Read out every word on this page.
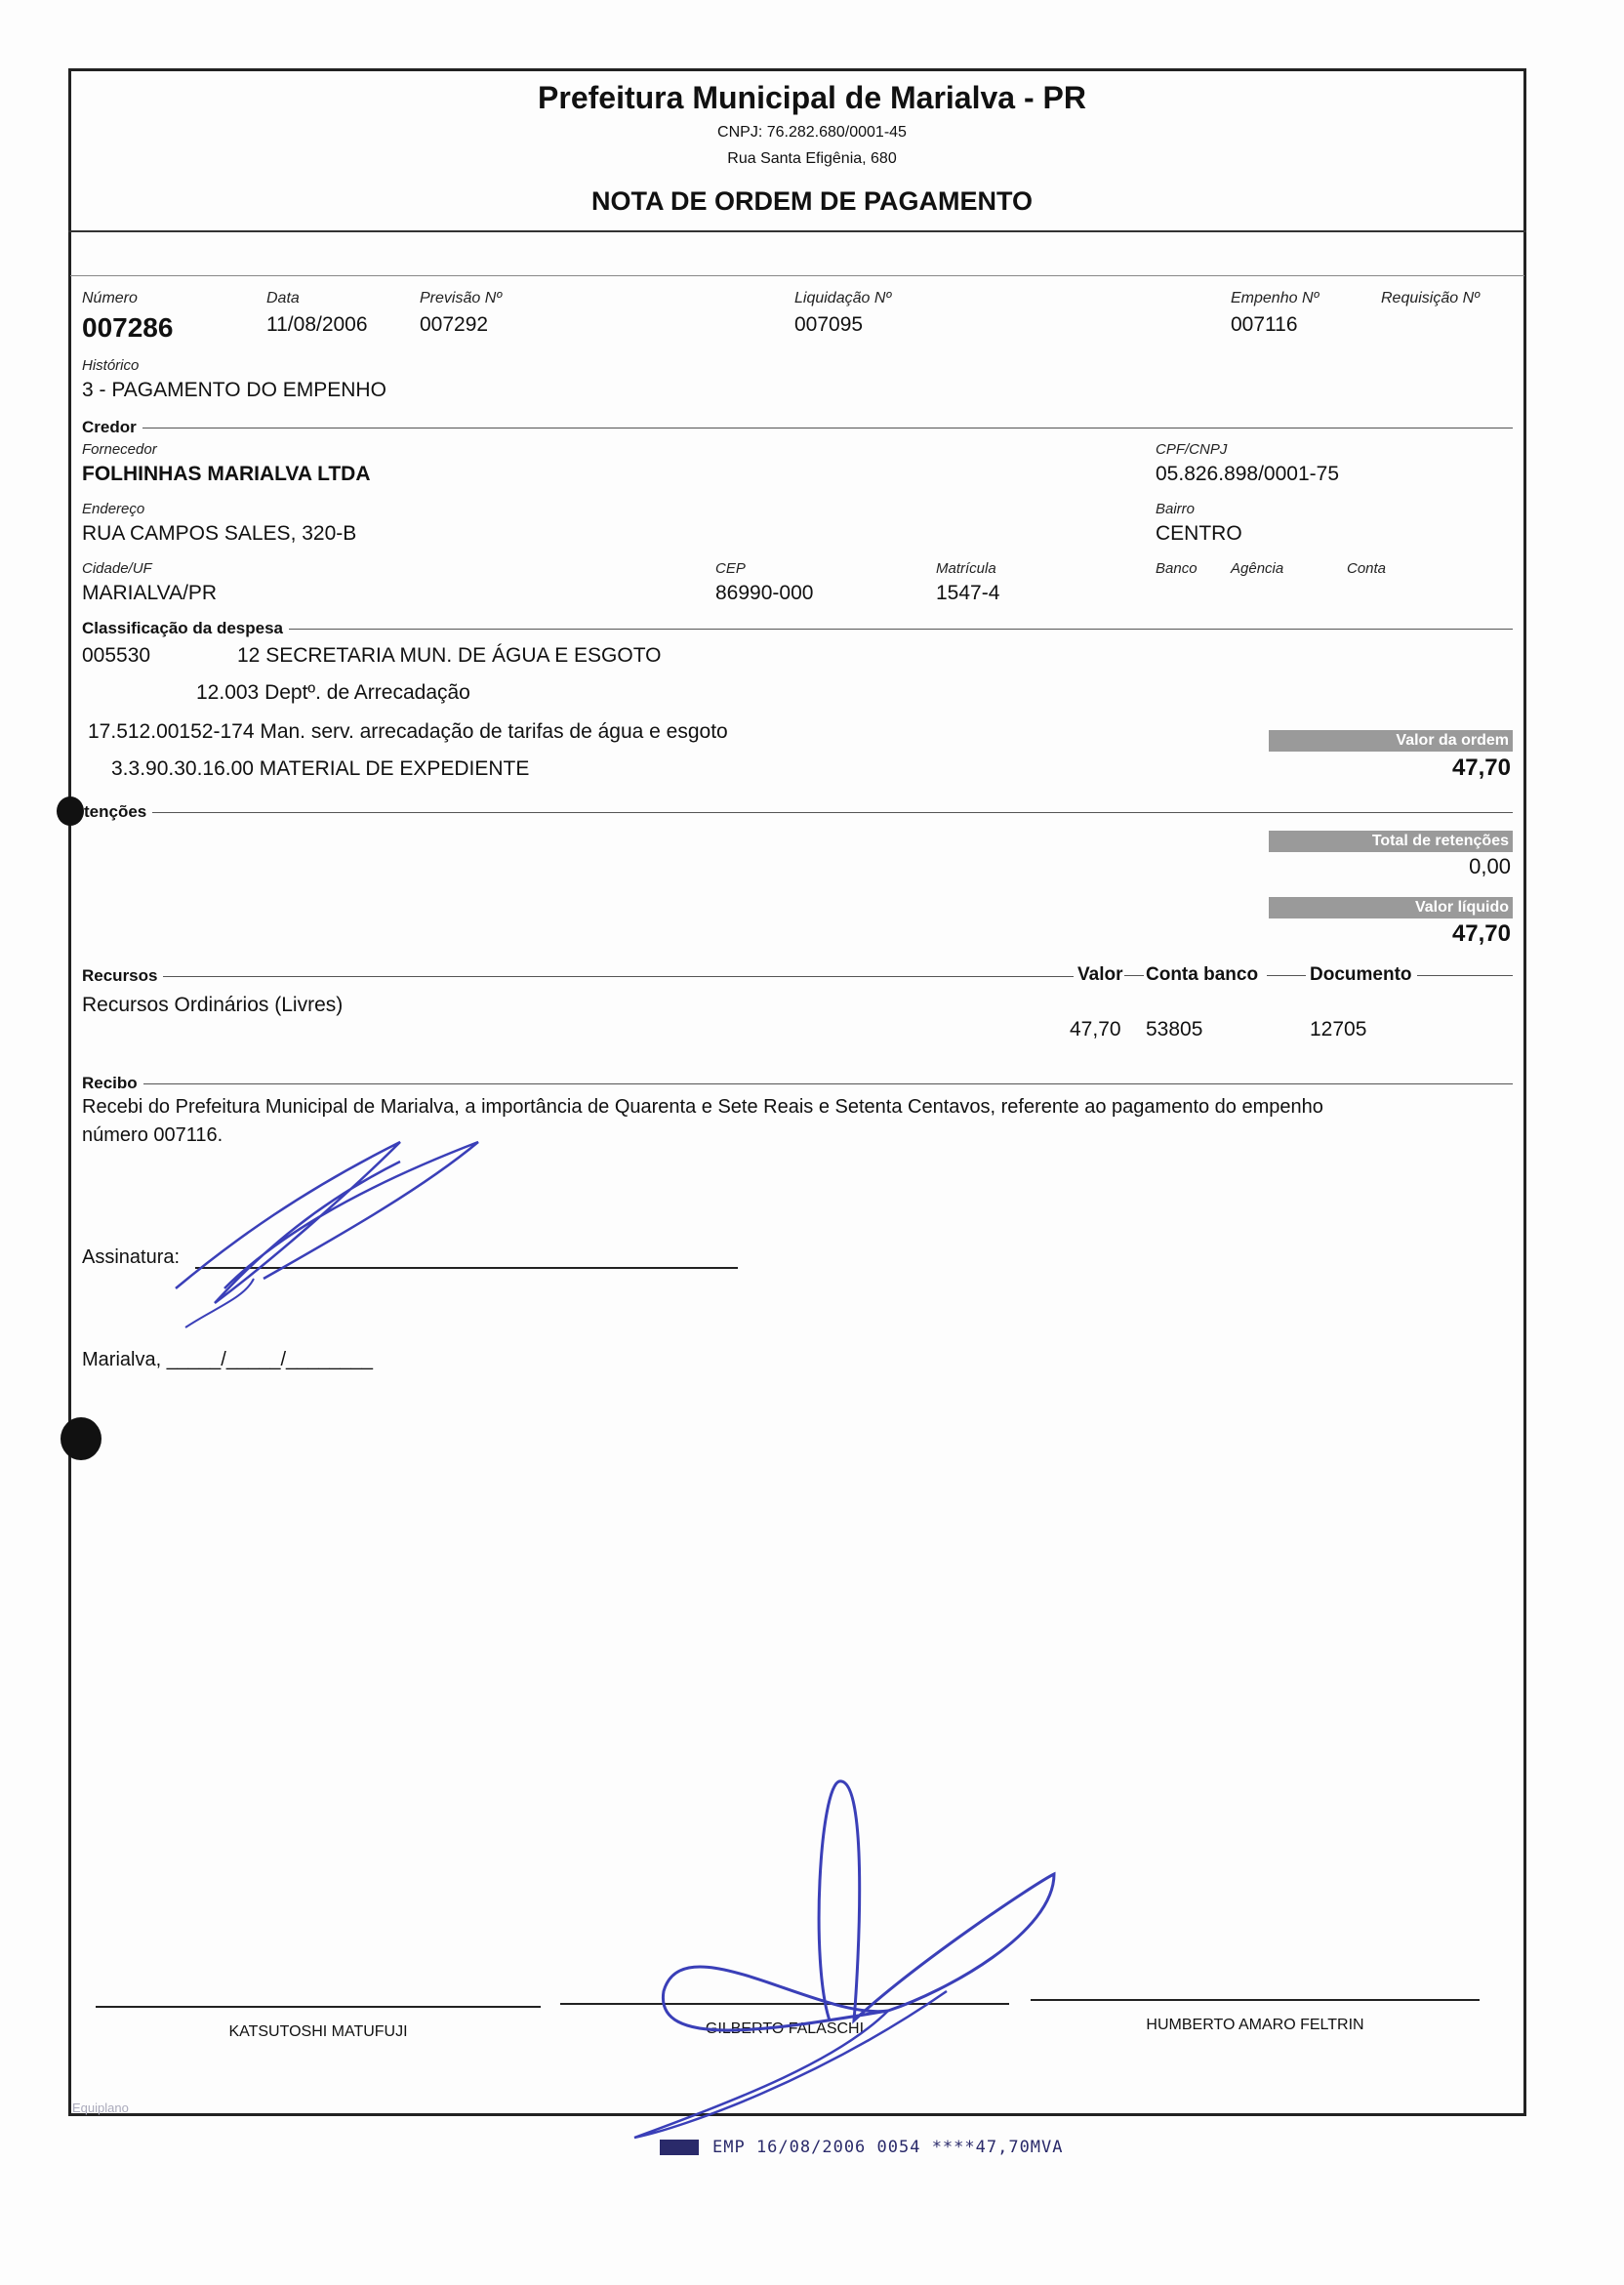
Prefeitura Municipal de Marialva - PR
CNPJ: 76.282.680/0001-45
Rua Santa Efigênia, 680
NOTA DE ORDEM DE PAGAMENTO
Número
007286
Data
11/08/2006
Previsão Nº
007292
Liquidação Nº
007095
Empenho Nº
007116
Requisição Nº
Histórico
3 - PAGAMENTO DO EMPENHO
Credor
Fornecedor
FOLHINHAS MARIALVA LTDA
CPF/CNPJ
05.826.898/0001-75
Endereço
RUA CAMPOS SALES, 320-B
Bairro
CENTRO
Cidade/UF
MARIALVA/PR
CEP
86990-000
Matrícula
1547-4
Banco Agência	Conta
Classificação da despesa
005530	12 SECRETARIA MUN. DE ÁGUA E ESGOTO
12.003 Deptº. de Arrecadação
17.512.00152-174 Man. serv. arrecadação de tarifas de água e esgoto
3.3.90.30.16.00 MATERIAL DE EXPEDIENTE
Valor da ordem
47,70
tenções
Total de retenções
0,00
Valor líquido
47,70
Recursos	Valor Conta banco	Documento
Recursos Ordinários (Livres)
47,70 53805	12705
Recibo
Recebi do Prefeitura Municipal de Marialva, a importância de Quarenta e Sete Reais e Setenta Centavos, referente ao pagamento do empenho
número 007116.
Assinatura:
Marialva, _____/_____/________
KATSUTOSHI MATUFUJI	GILBERTO FALASCHI	HUMBERTO AMARO FELTRIN
Equiplano
EMP 16/08/2006 0054 ****47,70MVA
